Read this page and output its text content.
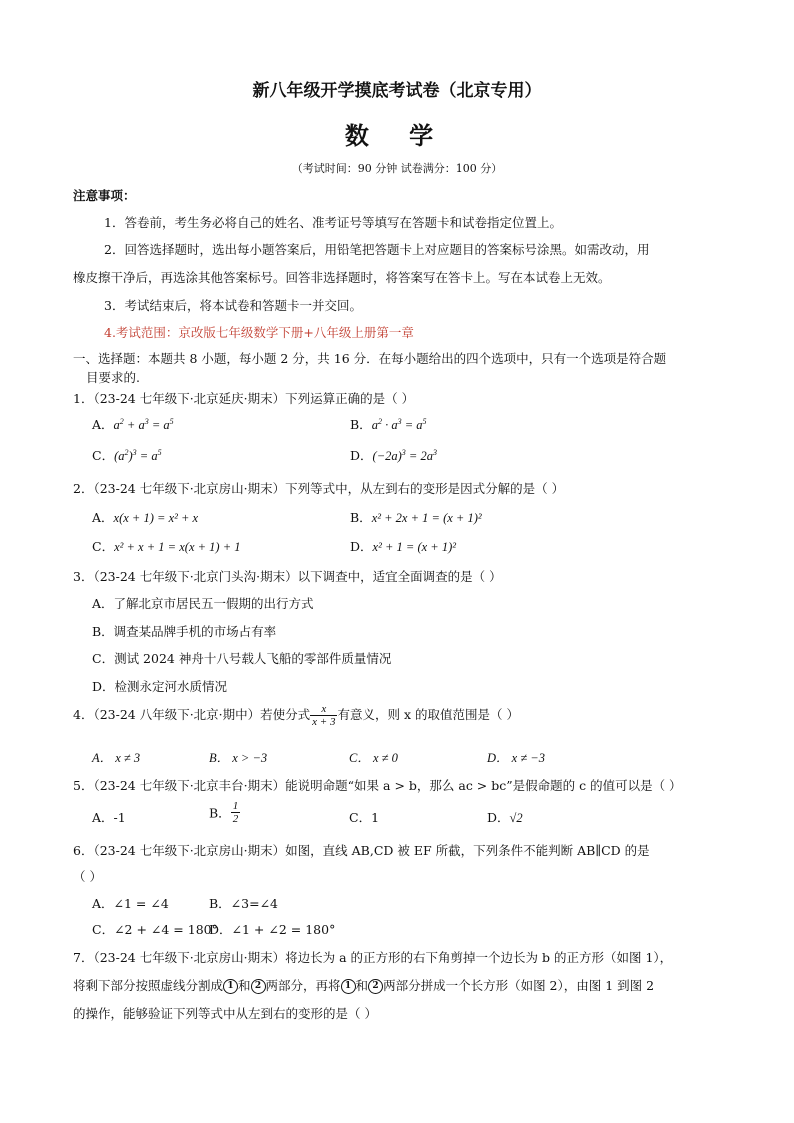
新八年级开学摸底考试卷（北京专用）
数 学
（考试时间：90 分钟 试卷满分：100 分）
注意事项：
1．答卷前，考生务必将自己的姓名、准考证号等填写在答题卡和试卷指定位置上。
2．回答选择题时，选出每小题答案后，用铅笔把答题卡上对应题目的答案标号涂黑。如需改动，用
橡皮擦干净后，再选涂其他答案标号。回答非选择题时，将答案写在答卡上。写在本试卷上无效。
3．考试结束后，将本试卷和答题卡一并交回。
4.考试范围：京改版七年级数学下册+八年级上册第一章
一、选择题：本题共 8 小题，每小题 2 分，共 16 分．在每小题给出的四个选项中，只有一个选项是符合题
目要求的.
1．（23-24 七年级下·北京延庆·期末）下列运算正确的是（ ）
A．$a^2 + a^3 = a^5$	B．$a^2 \cdot a^3 = a^5$
C．$(a^2)^3 = a^5$	D．$(-2a)^3 = 2a^3$
2．（23-24 七年级下·北京房山·期末）下列等式中，从左到右的变形是因式分解的是（ ）
A．x(x + 1) = x² + x	B．x² + 2x + 1 = (x + 1)²
C．x² + x + 1 = x(x + 1) + 1	D．x² + 1 = (x + 1)²
3．（23-24 七年级下·北京门头沟·期末）以下调查中，适宜全面调查的是（ ）
A．了解北京市居民五一假期的出行方式
B．调查某品牌手机的市场占有率
C．测试 2024 神舟十八号载人飞船的零部件质量情况
D．检测永定河水质情况
4．（23-24 八年级下·北京·期中）若使分式 $\frac{x}{x + 3}$ 有意义，则 x 的取值范围是（ ）
A． x ≠ 3	B． x > −3	C． x ≠ 0	D． x ≠ −3
5．（23-24 七年级下·北京丰台·期末）能说明命题“如果 a > b，那么 ac > bc”是假命题的 c 的值可以是（ ）
A．-1	B． $\frac{1}{2}$	C．1	D．√2
6．（23-24 七年级下·北京房山·期末）如图，直线 AB,CD 被 EF 所截，下列条件不能判断 AB∥CD 的是
（ ）
A．∠1 = ∠4	B．∠3=∠4
C．∠2 + ∠4 = 180°
D．∠1 + ∠2 = 180°
7．（23-24 七年级下·北京房山·期末）将边长为 a 的正方形的右下角剪掉一个边长为 b 的正方形（如图 1），
将剩下部分按照虚线分割成 1 和 2 两部分，再将 1 和 2 两部分拼成一个长方形（如图 2），由图 1 到图 2
的操作，能够验证下列等式中从左到右的变形的是（ ）
